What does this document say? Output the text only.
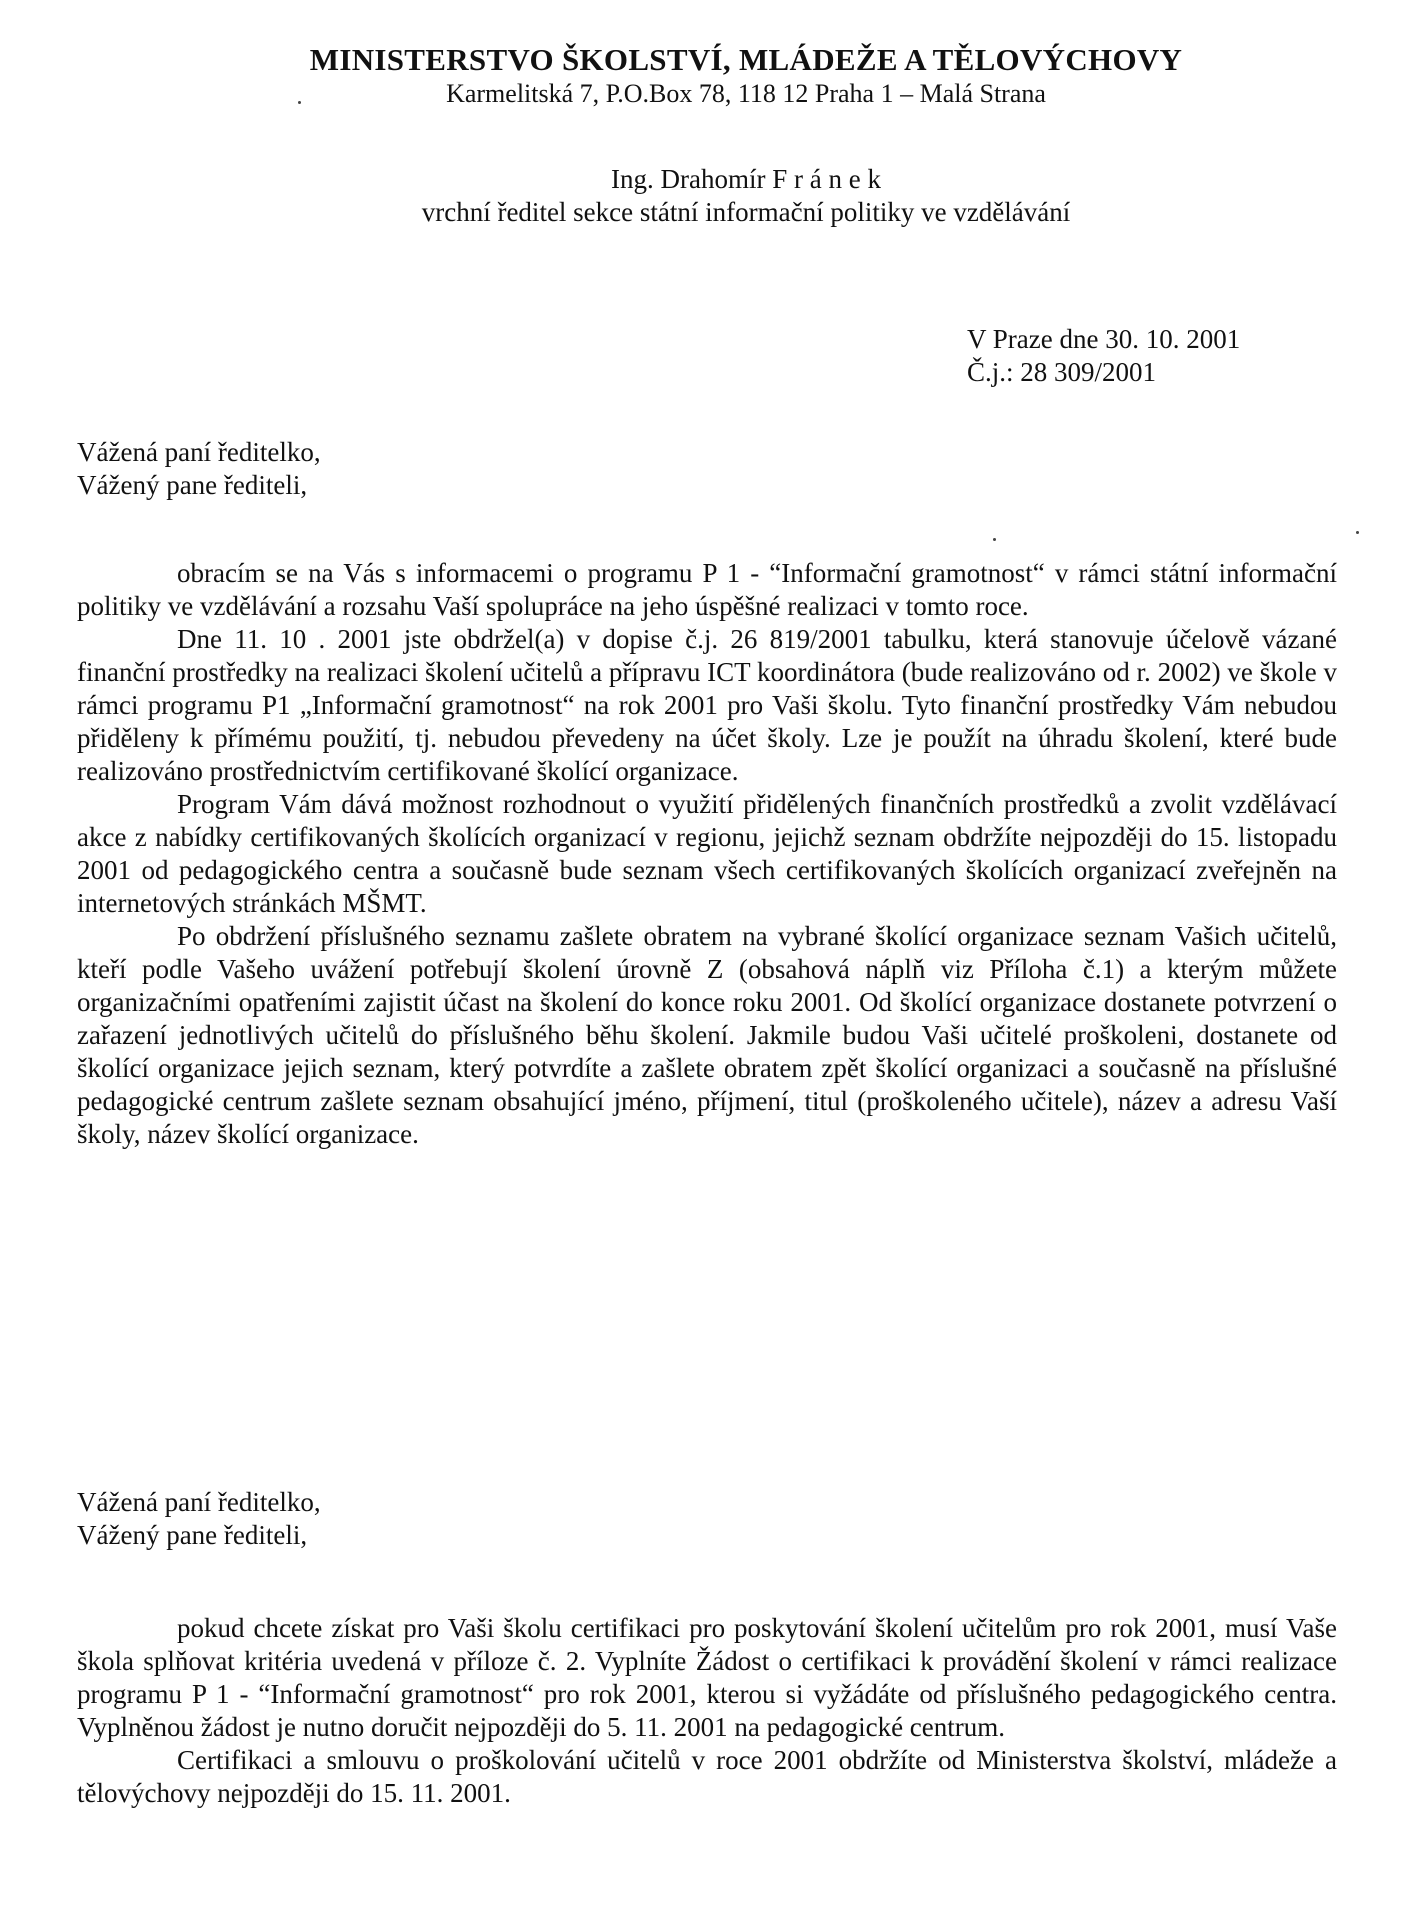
MINISTERSTVO ŠKOLSTVÍ, MLÁDEŽE A TĚLOVÝCHOVY
Karmelitská 7, P.O.Box 78, 118 12 Praha 1 – Malá Strana
Ing. Drahomír F r á n e k
vrchní ředitel sekce státní informační politiky ve vzdělávání
V Praze dne 30. 10. 2001
Č.j.: 28 309/2001
Vážená paní ředitelko,
Vážený pane řediteli,

obracím se na Vás s informacemi o programu P 1 - “Informační gramotnost“ v rámci státní informační politiky ve vzdělávání a rozsahu Vaší spolupráce na jeho úspěšné realizaci v tomto roce.

Dne 11. 10 . 2001 jste obdržel(a) v dopise č.j. 26 819/2001 tabulku, která stanovuje účelově vázané finanční prostředky na realizaci školení učitelů a přípravu ICT koordinátora (bude realizováno od r. 2002) ve škole v rámci programu P1 „Informační gramotnost“ na rok 2001 pro Vaši školu. Tyto finanční prostředky Vám nebudou přiděleny k přímému použití, tj. nebudou převedeny na účet školy. Lze je použít na úhradu školení, které bude realizováno prostřednictvím certifikované školící organizace.

Program Vám dává možnost rozhodnout o využití přidělených finančních prostředků a zvolit vzdělávací akce z nabídky certifikovaných školících organizací v regionu, jejichž seznam obdržíte nejpozději do 15. listopadu 2001 od pedagogického centra a současně bude seznam všech certifikovaných školících organizací zveřejněn na internetových stránkách MŠMT.

Po obdržení příslušného seznamu zašlete obratem na vybrané školící organizace seznam Vašich učitelů, kteří podle Vašeho uvážení potřebují školení úrovně Z (obsahová náplň viz Příloha č.1) a kterým můžete organizačními opatřeními zajistit účast na školení do konce roku 2001. Od školící organizace dostanete potvrzení o zařazení jednotlivých učitelů do příslušného běhu školení. Jakmile budou Vaši učitelé proškoleni, dostanete od školící organizace jejich seznam, který potvrdíte a zašlete obratem zpět školící organizaci a současně na příslušné pedagogické centrum zašlete seznam obsahující jméno, příjmení, titul (proškoleného učitele), název a adresu Vaší školy, název školící organizace.

Vážená paní ředitelko,
Vážený pane řediteli,

pokud chcete získat pro Vaši školu certifikaci pro poskytování školení učitelům pro rok 2001, musí Vaše škola splňovat kritéria uvedená v příloze č. 2. Vyplníte Žádost o certifikaci k provádění školení v rámci realizace programu P 1 - “Informační gramotnost“ pro rok 2001, kterou si vyžádáte od příslušného pedagogického centra. Vyplněnou žádost je nutno doručit nejpozději do 5. 11. 2001 na pedagogické centrum.

Certifikaci a smlouvu o proškolování učitelů v roce 2001 obdržíte od Ministerstva školství, mládeže a tělovýchovy nejpozději do 15. 11. 2001.
